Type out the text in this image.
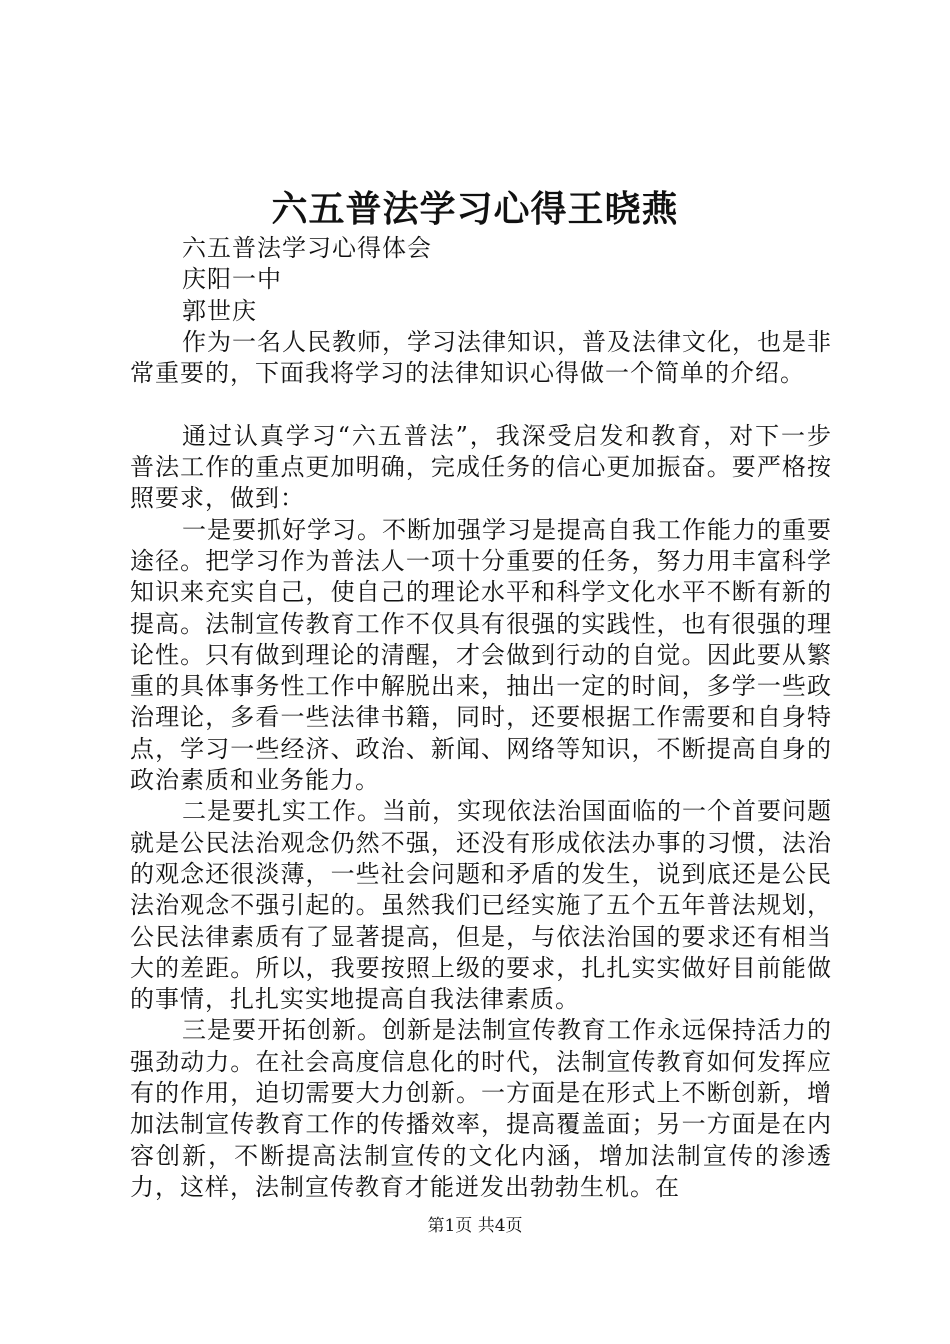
六五普法学习心得王晓燕

六五普法学习心得体会

庆阳一中

郭世庆

作为一名人民教师，学习法律知识，普及法律文化，也是非常重要的，下面我将学习的法律知识心得做一个简单的介绍。

通过认真学习“六五普法”，我深受启发和教育，对下一步普法工作的重点更加明确，完成任务的信心更加振奋。要严格按照要求，做到：

一是要抓好学习。不断加强学习是提高自我工作能力的重要途径。把学习作为普法人一项十分重要的任务，努力用丰富科学知识来充实自己，使自己的理论水平和科学文化水平不断有新的提高。法制宣传教育工作不仅具有很强的实践性，也有很强的理论性。只有做到理论的清醒，才会做到行动的自觉。因此要从繁重的具体事务性工作中解脱出来，抽出一定的时间，多学一些政治理论，多看一些法律书籍，同时，还要根据工作需要和自身特点，学习一些经济、政治、新闻、网络等知识，不断提高自身的政治素质和业务能力。

二是要扎实工作。当前，实现依法治国面临的一个首要问题就是公民法治观念仍然不强，还没有形成依法办事的习惯，法治的观念还很淡薄，一些社会问题和矛盾的发生，说到底还是公民法治观念不强引起的。虽然我们已经实施了五个五年普法规划，公民法律素质有了显著提高，但是，与依法治国的要求还有相当大的差距。所以，我要按照上级的要求，扎扎实实做好目前能做的事情，扎扎实实地提高自我法律素质。

三是要开拓创新。创新是法制宣传教育工作永远保持活力的强劲动力。在社会高度信息化的时代，法制宣传教育如何发挥应有的作用，迫切需要大力创新。一方面是在形式上不断创新，增加法制宣传教育工作的传播效率，提高覆盖面；另一方面是在内容创新，不断提高法制宣传的文化内涵，增加法制宣传的渗透力，这样，法制宣传教育才能迸发出勃勃生机。在

第1页 共4页
